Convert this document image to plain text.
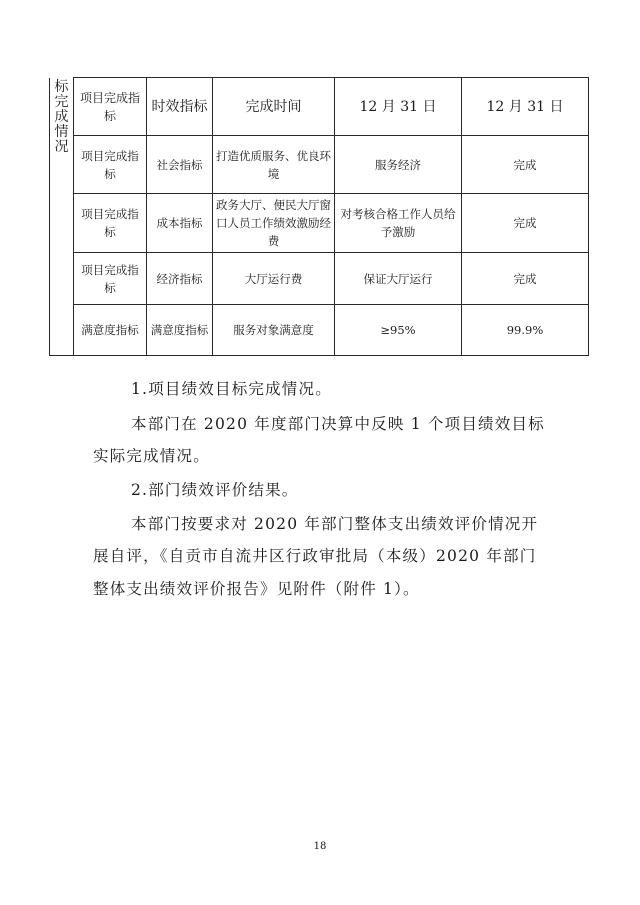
标完成情况	项目完成指标	时效指标	完成时间	12 月 31 日	12 月 31 日
	项目完成指标	社会指标	打造优质服务、优良环境	服务经济	完成
	项目完成指标	成本指标	政务大厅、便民大厅窗口人员工作绩效激励经费	对考核合格工作人员给予激励	完成
	项目完成指标	经济指标	大厅运行费	保证大厅运行	完成
	满意度指标	满意度指标	服务对象满意度	≥95%	99.9%
1.项目绩效目标完成情况。
本部门在 2020 年度部门决算中反映 1 个项目绩效目标
实际完成情况。
2.部门绩效评价结果。
本部门按要求对 2020 年部门整体支出绩效评价情况开
展自评，《自贡市自流井区行政审批局（本级）2020 年部门
整体支出绩效评价报告》见附件（附件 1）。
18
